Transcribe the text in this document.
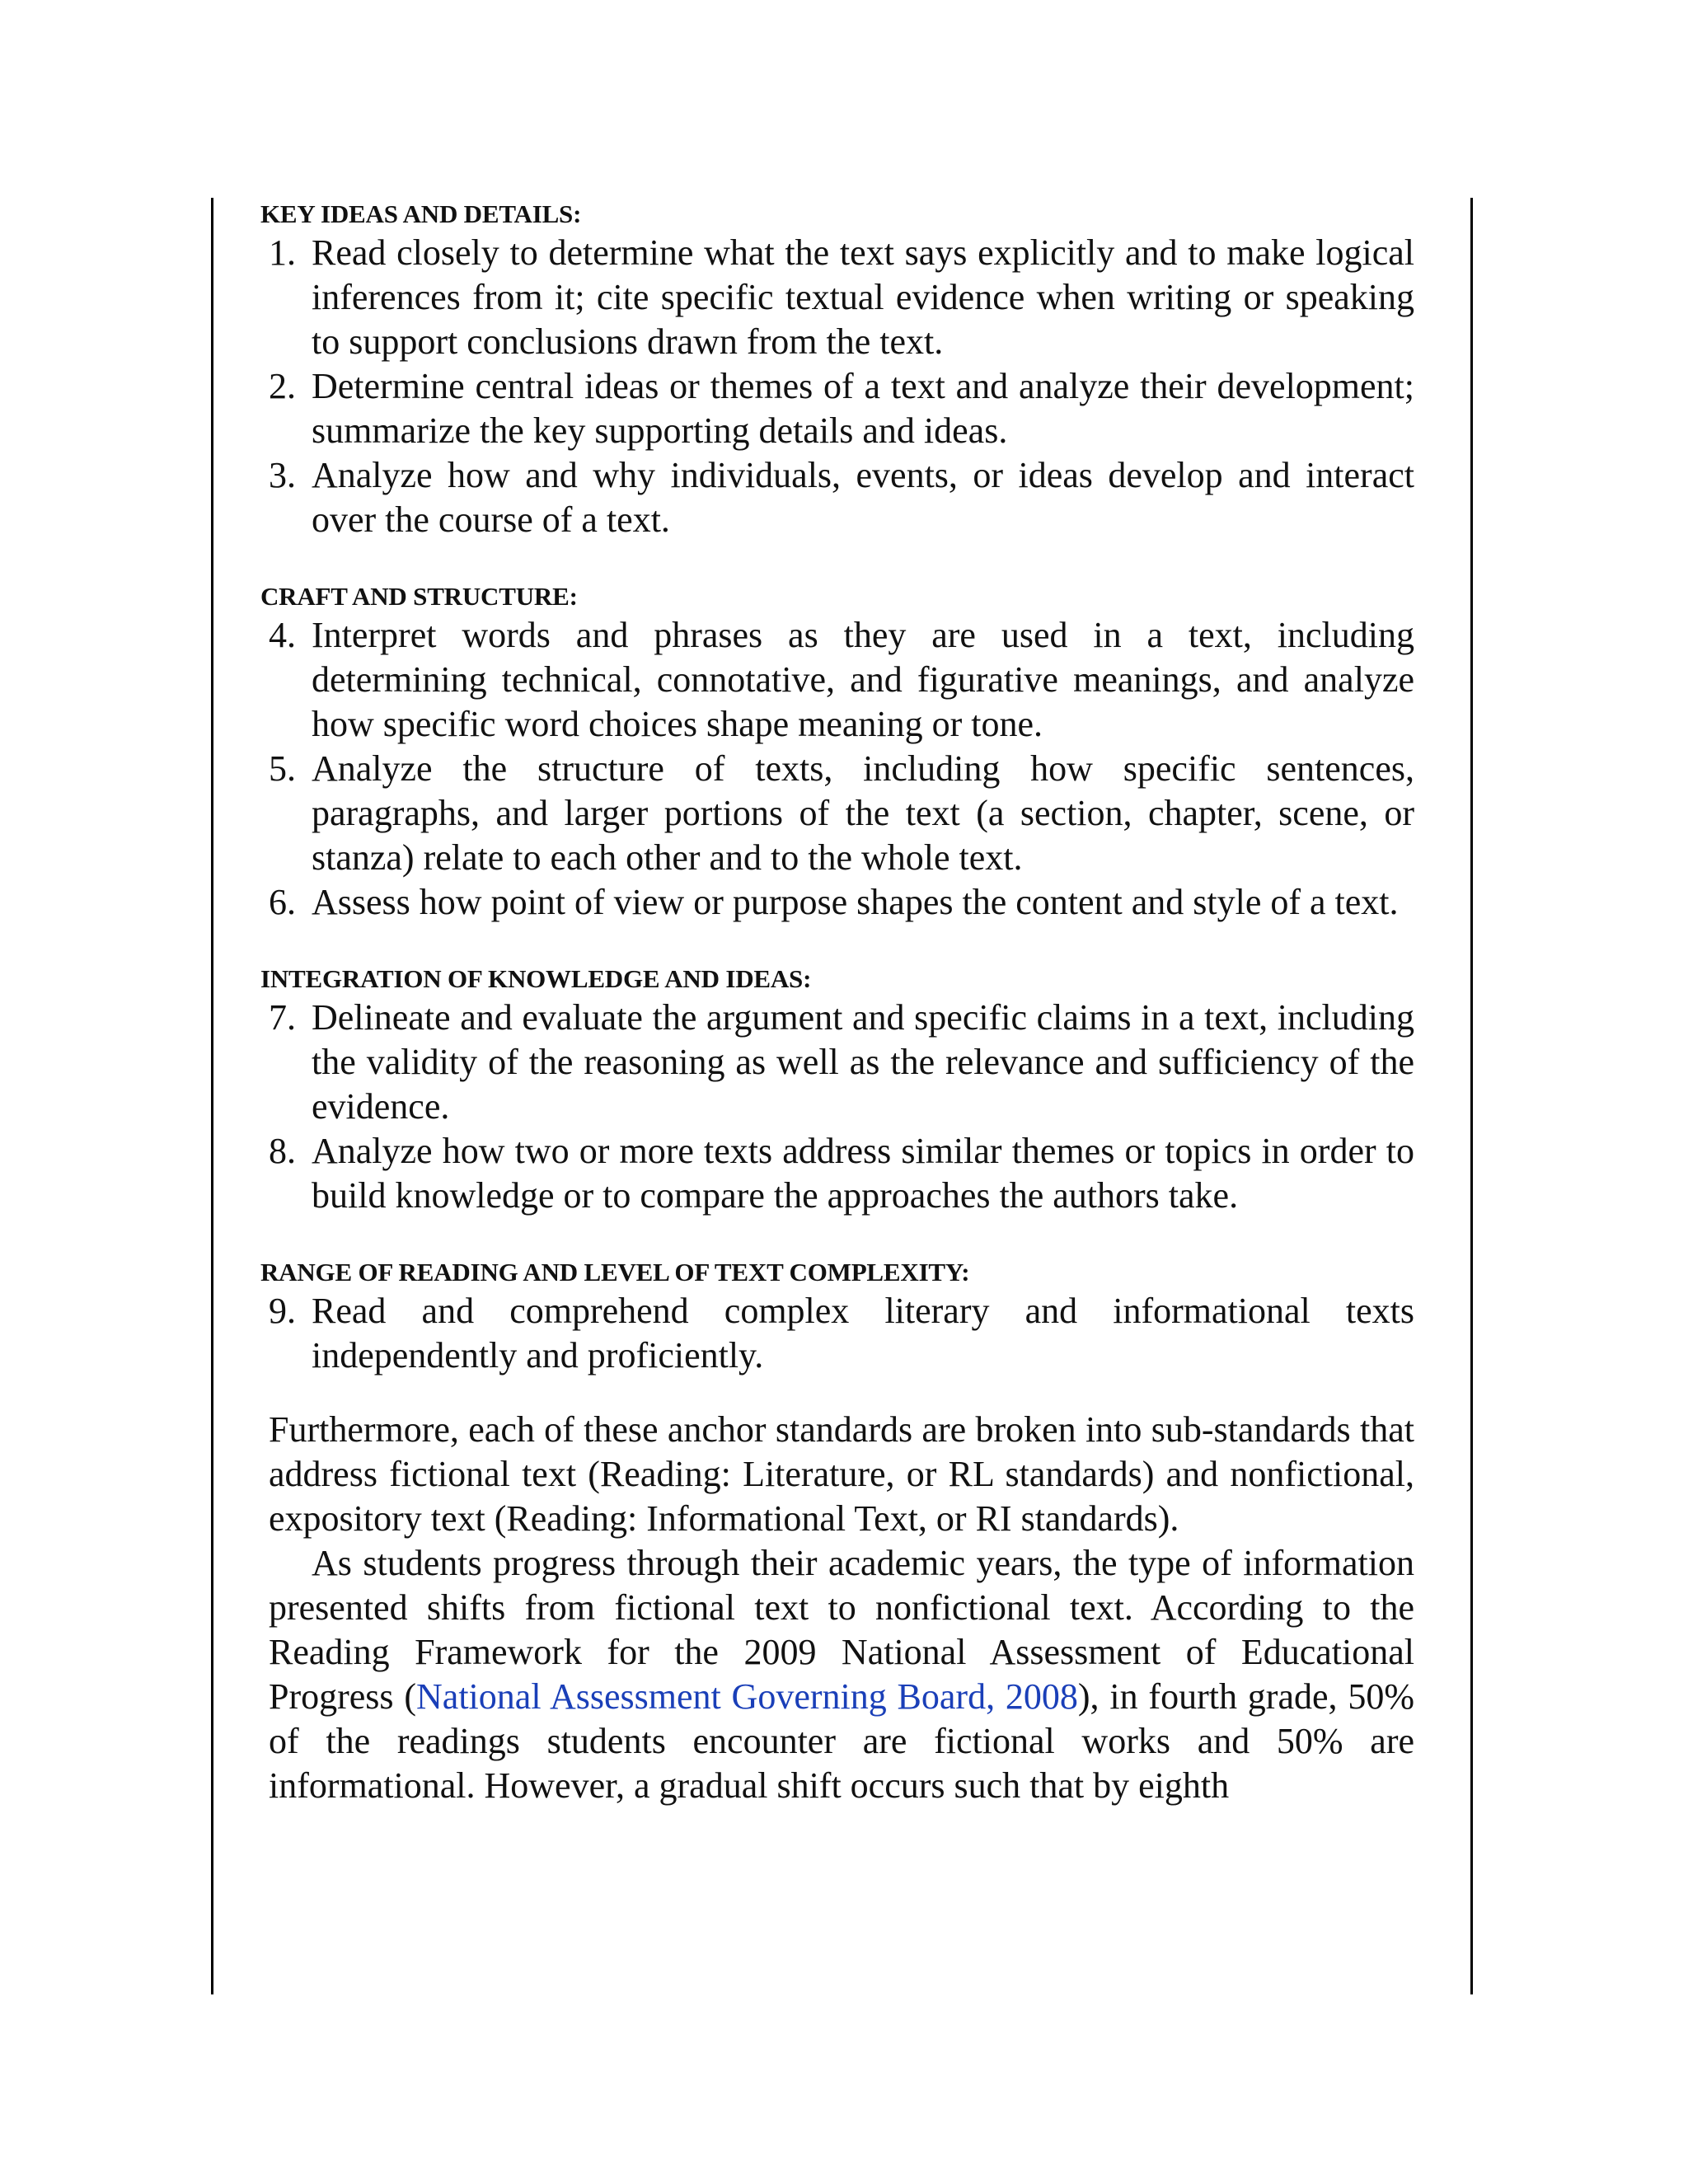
KEY IDEAS AND DETAILS:
1. Read closely to determine what the text says explicitly and to make logical inferences from it; cite specific textual evidence when writing or speaking to support conclusions drawn from the text.
2. Determine central ideas or themes of a text and analyze their development; summarize the key supporting details and ideas.
3. Analyze how and why individuals, events, or ideas develop and interact over the course of a text.
CRAFT AND STRUCTURE:
4. Interpret words and phrases as they are used in a text, including determining technical, connotative, and figurative meanings, and analyze how specific word choices shape meaning or tone.
5. Analyze the structure of texts, including how specific sentences, paragraphs, and larger portions of the text (a section, chapter, scene, or stanza) relate to each other and to the whole text.
6. Assess how point of view or purpose shapes the content and style of a text.
INTEGRATION OF KNOWLEDGE AND IDEAS:
7. Delineate and evaluate the argument and specific claims in a text, including the validity of the reasoning as well as the relevance and sufficiency of the evidence.
8. Analyze how two or more texts address similar themes or topics in order to build knowledge or to compare the approaches the authors take.
RANGE OF READING AND LEVEL OF TEXT COMPLEXITY:
9. Read and comprehend complex literary and informational texts independently and proficiently.

Furthermore, each of these anchor standards are broken into sub-standards that address fictional text (Reading: Literature, or RL standards) and nonfictional, expository text (Reading: Informational Text, or RI standards).

As students progress through their academic years, the type of information presented shifts from fictional text to nonfictional text. According to the Reading Framework for the 2009 National Assessment of Educational Progress (National Assessment Governing Board, 2008), in fourth grade, 50% of the readings students encounter are fictional works and 50% are informational. However, a gradual shift occurs such that by eighth
